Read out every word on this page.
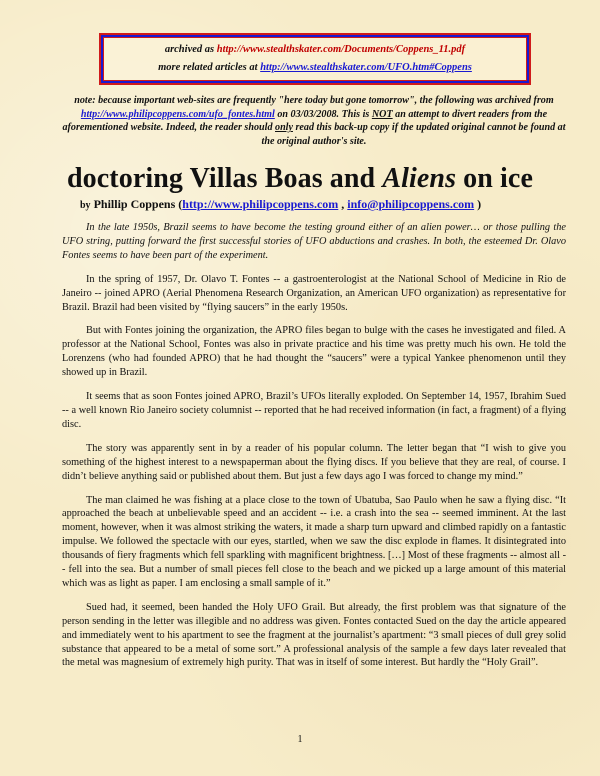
archived as http://www.stealthskater.com/Documents/Coppens_11.pdf
more related articles at http://www.stealthskater.com/UFO.htm#Coppens
note: because important web-sites are frequently "here today but gone tomorrow", the following was archived from http://www.philipcoppens.com/ufo_fontes.html on 03/03/2008. This is NOT an attempt to divert readers from the aforementioned website. Indeed, the reader should only read this back-up copy if the updated original cannot be found at the original author's site.
doctoring Villas Boas and Aliens on ice
by Phillip Coppens (http://www.philipcoppens.com , info@philipcoppens.com )

In the late 1950s, Brazil seems to have become the testing ground either of an alien power… or those pulling the UFO string, putting forward the first successful stories of UFO abductions and crashes. In both, the esteemed Dr. Olavo Fontes seems to have been part of the experiment.

In the spring of 1957, Dr. Olavo T. Fontes -- a gastroenterologist at the National School of Medicine in Rio de Janeiro -- joined APRO (Aerial Phenomena Research Organization, an American UFO organization) as representative for Brazil. Brazil had been visited by “flying saucers” in the early 1950s.

But with Fontes joining the organization, the APRO files began to bulge with the cases he investigated and filed. A professor at the National School, Fontes was also in private practice and his time was pretty much his own. He told the Lorenzens (who had founded APRO) that he had thought the “saucers” were a typical Yankee phenomenon until they showed up in Brazil.

It seems that as soon Fontes joined APRO, Brazil’s UFOs literally exploded. On September 14, 1957, Ibrahim Sued -- a well known Rio Janeiro society columnist -- reported that he had received information (in fact, a fragment) of a flying disc.

The story was apparently sent in by a reader of his popular column. The letter began that “I wish to give you something of the highest interest to a newspaperman about the flying discs. If you believe that they are real, of course. I didn’t believe anything said or published about them. But just a few days ago I was forced to change my mind.”

The man claimed he was fishing at a place close to the town of Ubatuba, Sao Paulo when he saw a flying disc. “It approached the beach at unbelievable speed and an accident -- i.e. a crash into the sea -- seemed imminent. At the last moment, however, when it was almost striking the waters, it made a sharp turn upward and climbed rapidly on a fantastic impulse. We followed the spectacle with our eyes, startled, when we saw the disc explode in flames. It disintegrated into thousands of fiery fragments which fell sparkling with magnificent brightness. […] Most of these fragments -- almost all -- fell into the sea. But a number of small pieces fell close to the beach and we picked up a large amount of this material which was as light as paper. I am enclosing a small sample of it.”

Sued had, it seemed, been handed the Holy UFO Grail. But already, the first problem was that signature of the person sending in the letter was illegible and no address was given. Fontes contacted Sued on the day the article appeared and immediately went to his apartment to see the fragment at the journalist’s apartment: “3 small pieces of dull grey solid substance that appeared to be a metal of some sort.” A professional analysis of the sample a few days later revealed that the metal was magnesium of extremely high purity. That was in itself of some interest. But hardly the “Holy Grail”.

1
